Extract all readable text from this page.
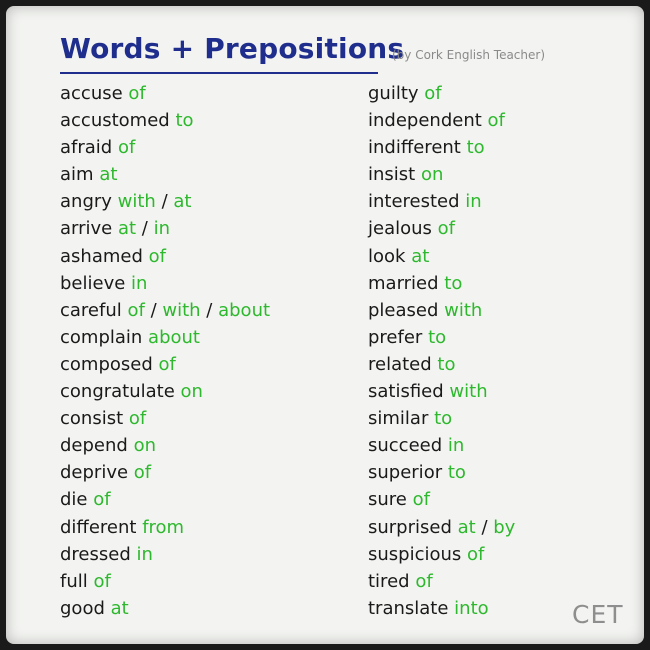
Words + Prepositions
(by Cork English Teacher)
accuse of
accustomed to
afraid of
aim at
angry with / at
arrive at / in
ashamed of
believe in
careful of / with / about
complain about
composed of
congratulate on
consist of
depend on
deprive of
die of
different from
dressed in
full of
good at
guilty of
independent of
indifferent to
insist on
interested in
jealous of
look at
married to
pleased with
prefer to
related to
satisfied with
similar to
succeed in
superior to
sure of
surprised at / by
suspicious of
tired of
translate into	CET
